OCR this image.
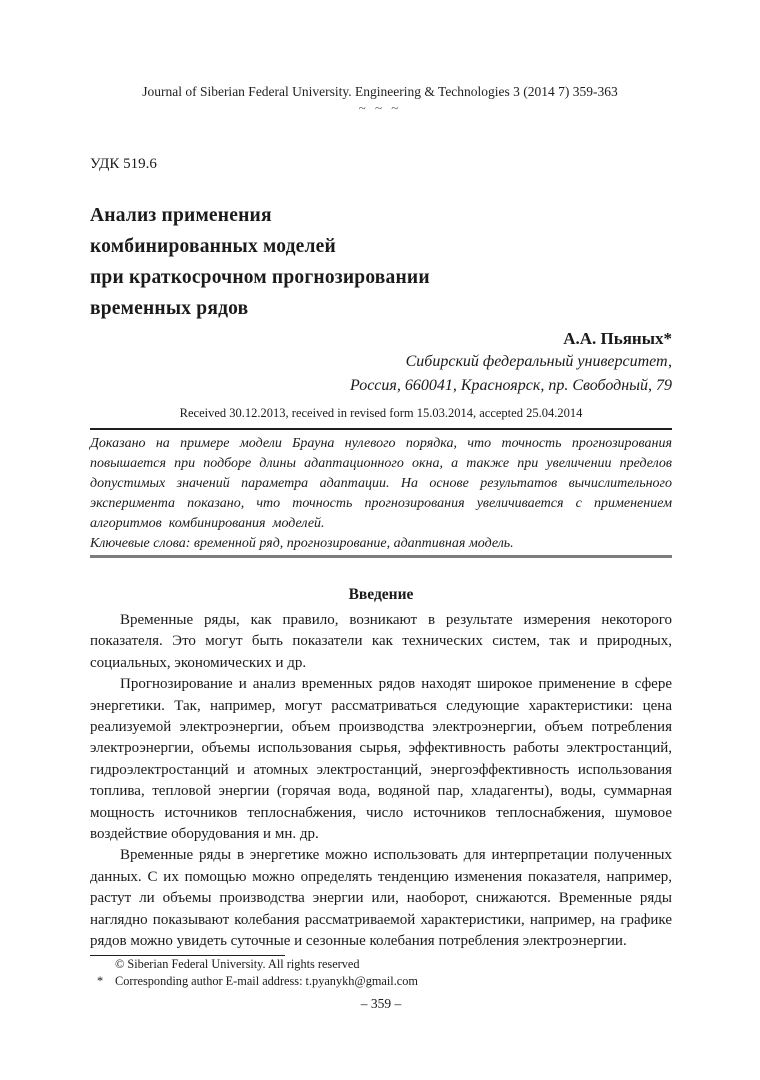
Journal of Siberian Federal University. Engineering & Technologies 3 (2014 7) 359-363
~ ~ ~
УДК 519.6
Анализ применения
комбинированных моделей
при краткосрочном прогнозировании
временных рядов
А.А. Пьяных*
Сибирский федеральный университет,
Россия, 660041, Красноярск, пр. Свободный, 79
Received 30.12.2013, received in revised form 15.03.2014, accepted 25.04.2014
Доказано на примере модели Брауна нулевого порядка, что точность прогнозирования повышается при подборе длины адаптационного окна, а также при увеличении пределов допустимых значений параметра адаптации. На основе результатов вычислительного эксперимента показано, что точность прогнозирования увеличивается с применением алгоритмов комбинирования моделей.
Ключевые слова: временной ряд, прогнозирование, адаптивная модель.
Введение

Временные ряды, как правило, возникают в результате измерения некоторого показателя. Это могут быть показатели как технических систем, так и природных, социальных, экономических и др.

Прогнозирование и анализ временных рядов находят широкое применение в сфере энергетики. Так, например, могут рассматриваться следующие характеристики: цена реализуемой электроэнергии, объем производства электроэнергии, объем потребления электроэнергии, объемы использования сырья, эффективность работы электростанций, гидроэлектростанций и атомных электростанций, энергоэффективность использования топлива, тепловой энергии (горячая вода, водяной пар, хладагенты), воды, суммарная мощность источников теплоснабжения, число источников теплоснабжения, шумовое воздействие оборудования и мн. др.

Временные ряды в энергетике можно использовать для интерпретации полученных данных. С их помощью можно определять тенденцию изменения показателя, например, растут ли объемы производства энергии или, наоборот, снижаются. Временные ряды наглядно показывают колебания рассматриваемой характеристики, например, на графике рядов можно увидеть суточные и сезонные колебания потребления электроэнергии.

© Siberian Federal University. All rights reserved
* Corresponding author E-mail address: t.pyanykh@gmail.com
– 359 –
